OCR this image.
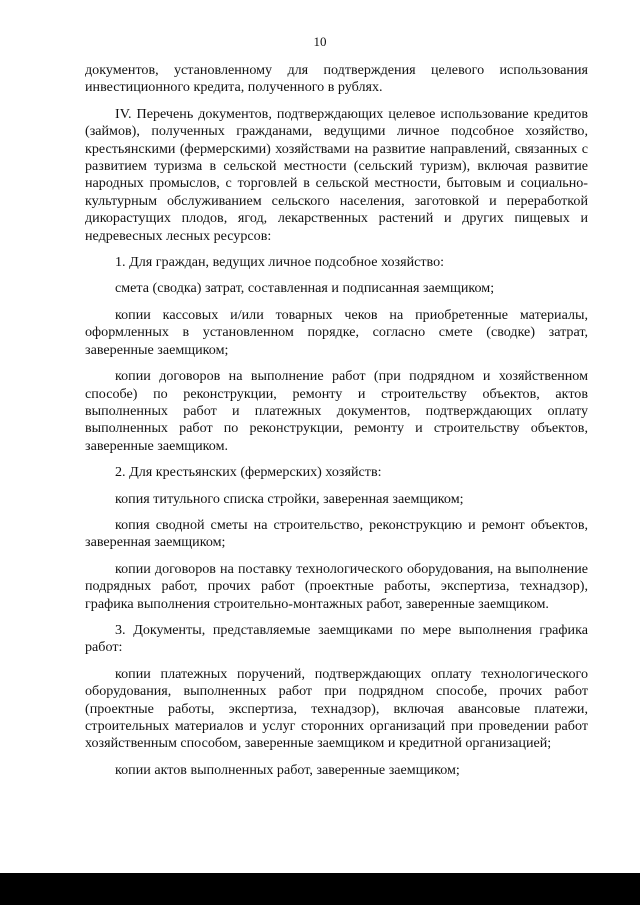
10

документов, установленному для подтверждения целевого использования инвестиционного кредита, полученного в рублях.

IV. Перечень документов, подтверждающих целевое использование кредитов (займов), полученных гражданами, ведущими личное подсобное хозяйство, крестьянскими (фермерскими) хозяйствами на развитие направлений, связанных с развитием туризма в сельской местности (сельский туризм), включая развитие народных промыслов, с торговлей в сельской местности, бытовым и социально-культурным обслуживанием сельского населения, заготовкой и переработкой дикорастущих плодов, ягод, лекарственных растений и других пищевых и недревесных лесных ресурсов:

1. Для граждан, ведущих личное подсобное хозяйство:

смета (сводка) затрат, составленная и подписанная заемщиком;

копии кассовых и/или товарных чеков на приобретенные материалы, оформленных в установленном порядке, согласно смете (сводке) затрат, заверенные заемщиком;

копии договоров на выполнение работ (при подрядном и хозяйственном способе) по реконструкции, ремонту и строительству объектов, актов выполненных работ и платежных документов, подтверждающих оплату выполненных работ по реконструкции, ремонту и строительству объектов, заверенные заемщиком.

2. Для крестьянских (фермерских) хозяйств:

копия титульного списка стройки, заверенная заемщиком;

копия сводной сметы на строительство, реконструкцию и ремонт объектов, заверенная заемщиком;

копии договоров на поставку технологического оборудования, на выполнение подрядных работ, прочих работ (проектные работы, экспертиза, технадзор), графика выполнения строительно-монтажных работ, заверенные заемщиком.

3. Документы, представляемые заемщиками по мере выполнения графика работ:

копии платежных поручений, подтверждающих оплату технологического оборудования, выполненных работ при подрядном способе, прочих работ (проектные работы, экспертиза, технадзор), включая авансовые платежи, строительных материалов и услуг сторонних организаций при проведении работ хозяйственным способом, заверенные заемщиком и кредитной организацией;

копии актов выполненных работ, заверенные заемщиком;
